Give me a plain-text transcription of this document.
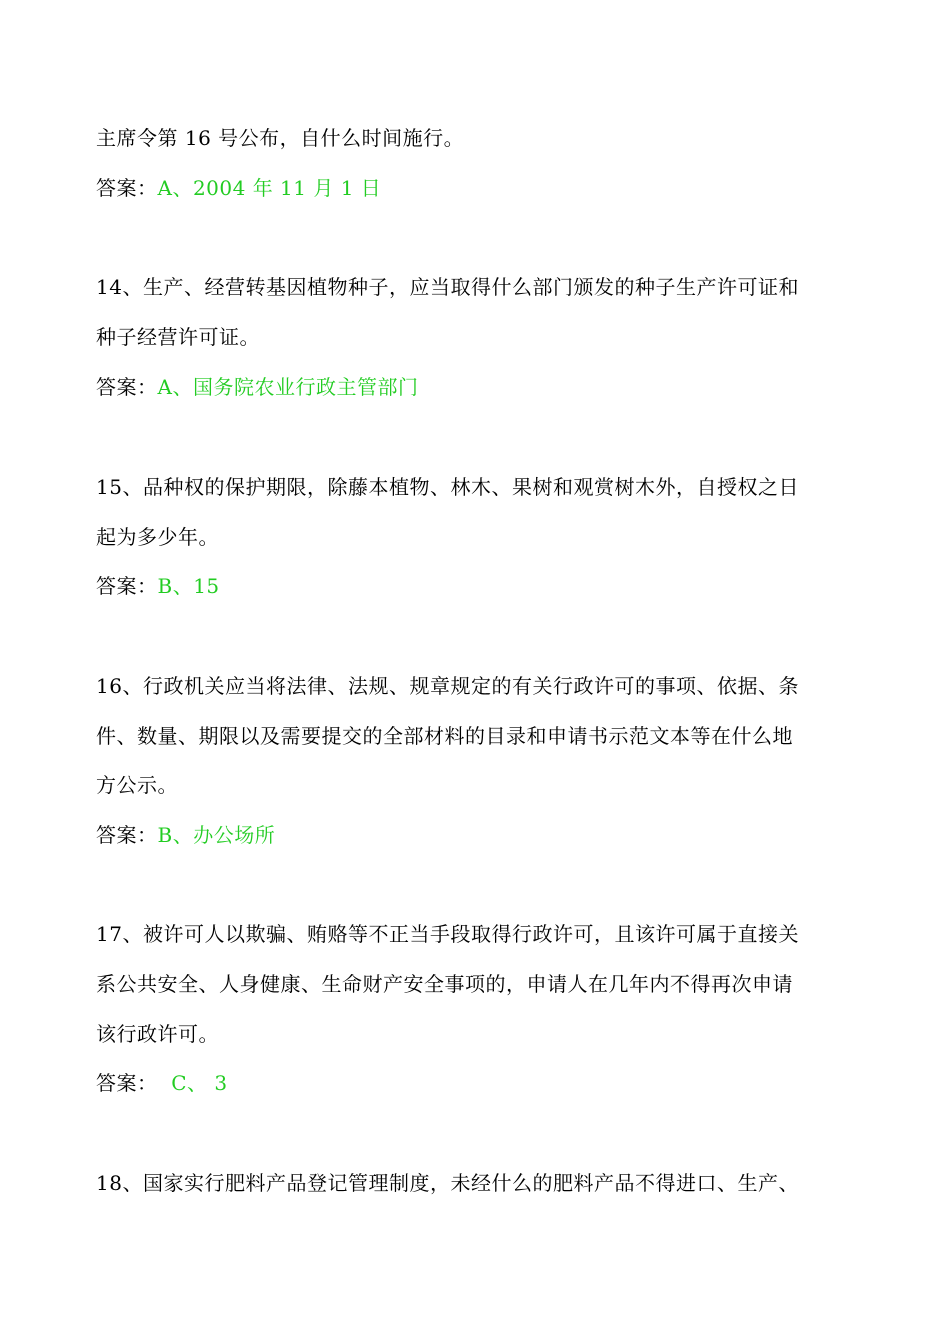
主席令第 16 号公布，自什么时间施行。
答案：A、2004 年 11 月 1 日
14、生产、经营转基因植物种子，应当取得什么部门颁发的种子生产许可证和
种子经营许可证。
答案：A、国务院农业行政主管部门
15、品种权的保护期限，除藤本植物、林木、果树和观赏树木外，自授权之日
起为多少年。
答案：B、15
16、行政机关应当将法律、法规、规章规定的有关行政许可的事项、依据、条
件、数量、期限以及需要提交的全部材料的目录和申请书示范文本等在什么地
方公示。
答案：B、办公场所
17、被许可人以欺骗、贿赂等不正当手段取得行政许可，且该许可属于直接关
系公共安全、人身健康、生命财产安全事项的，申请人在几年内不得再次申请
该行政许可。
答案：  C、 3
18、国家实行肥料产品登记管理制度，未经什么的肥料产品不得进口、生产、
